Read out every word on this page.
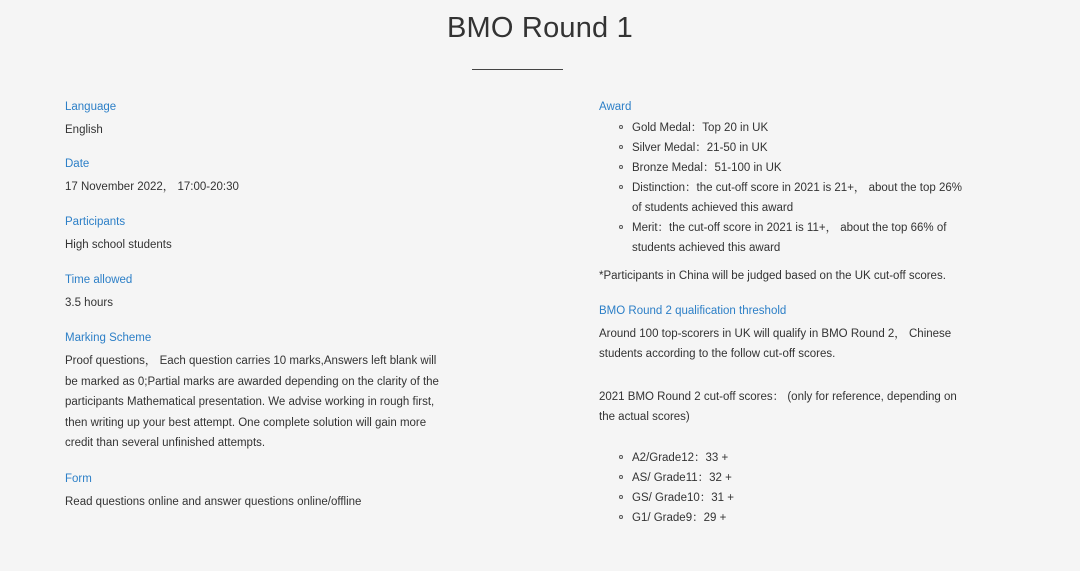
BMO Round 1
Language
English
Date
17 November 2022， 17:00-20:30
Participants
High school students
Time allowed
3.5 hours
Marking Scheme
Proof questions， Each question carries 10 marks,Answers left blank will
be marked as 0;Partial marks are awarded depending on the clarity of the
participants Mathematical presentation. We advise working in rough first,
then writing up your best attempt. One complete solution will gain more
credit than several unfinished attempts.
Form
Read questions online and answer questions online/offline
Award
Gold Medal：Top 20 in UK
Silver Medal：21-50 in UK
Bronze Medal：51-100 in UK
Distinction：the cut-off score in 2021 is 21+， about the top 26%
of students achieved this award
Merit：the cut-off score in 2021 is 11+， about the top 66% of
students achieved this award
*Participants in China will be judged based on the UK cut-off scores.
BMO Round 2 qualification threshold
Around 100 top-scorers in UK will qualify in BMO Round 2， Chinese
students according to the follow cut-off scores.
2021 BMO Round 2 cut-off scores： (only for reference, depending on
the actual scores)
A2/Grade12：33 +
AS/ Grade11：32 +
GS/ Grade10：31 +
G1/ Grade9：29 +
